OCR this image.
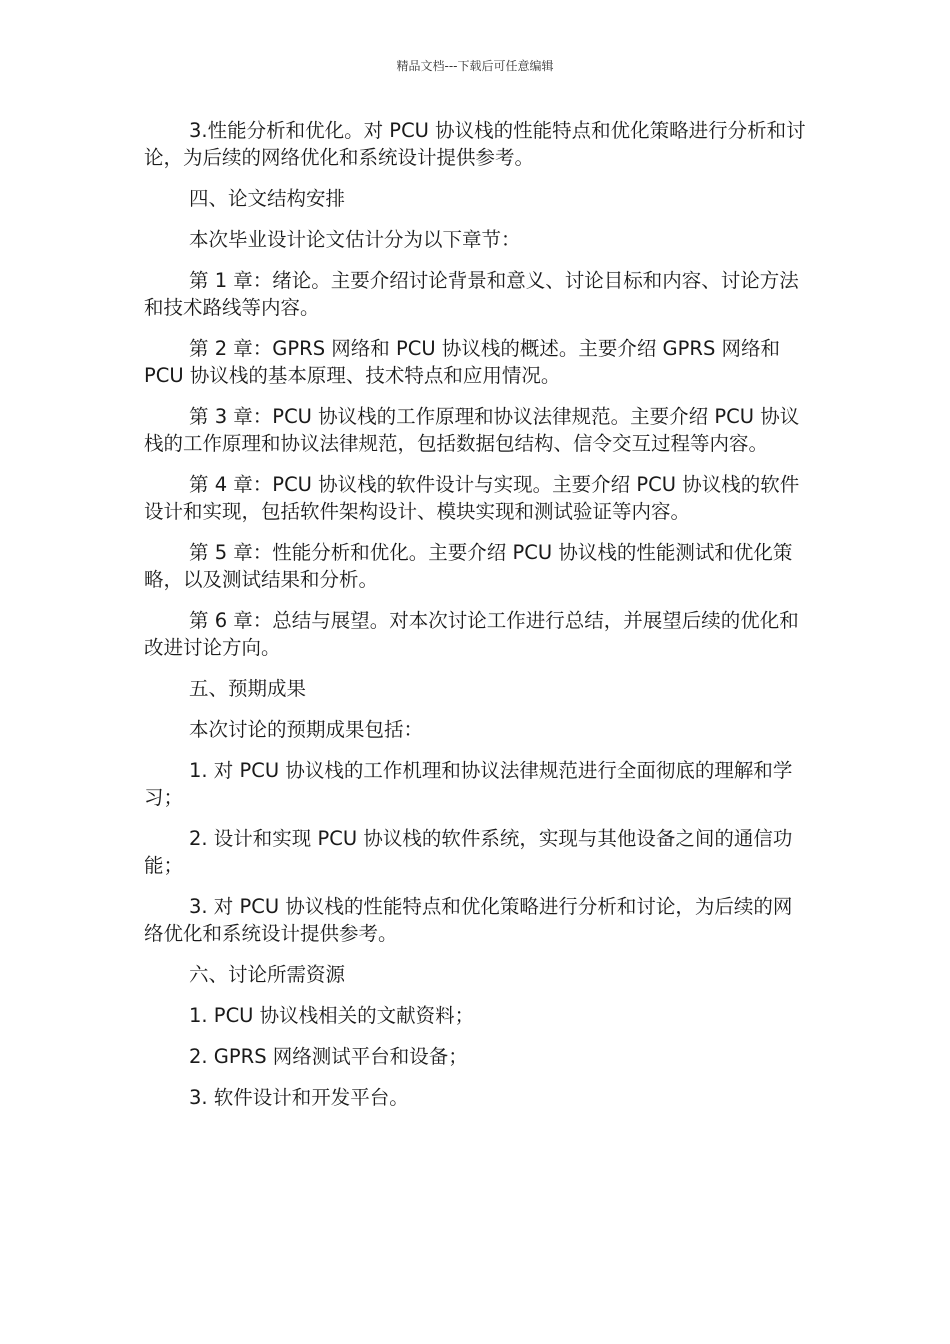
精品文档---下载后可任意编辑

3.性能分析和优化。对 PCU 协议栈的性能特点和优化策略进行分析和讨论，为后续的网络优化和系统设计提供参考。

四、论文结构安排

本次毕业设计论文估计分为以下章节：

第 1 章：绪论。主要介绍讨论背景和意义、讨论目标和内容、讨论方法和技术路线等内容。

第 2 章：GPRS 网络和 PCU 协议栈的概述。主要介绍 GPRS 网络和 PCU 协议栈的基本原理、技术特点和应用情况。

第 3 章：PCU 协议栈的工作原理和协议法律规范。主要介绍 PCU 协议栈的工作原理和协议法律规范，包括数据包结构、信令交互过程等内容。

第 4 章：PCU 协议栈的软件设计与实现。主要介绍 PCU 协议栈的软件设计和实现，包括软件架构设计、模块实现和测试验证等内容。

第 5 章：性能分析和优化。主要介绍 PCU 协议栈的性能测试和优化策略，以及测试结果和分析。

第 6 章：总结与展望。对本次讨论工作进行总结，并展望后续的优化和改进讨论方向。

五、预期成果

本次讨论的预期成果包括：

1. 对 PCU 协议栈的工作机理和协议法律规范进行全面彻底的理解和学习；

2. 设计和实现 PCU 协议栈的软件系统，实现与其他设备之间的通信功能；

3. 对 PCU 协议栈的性能特点和优化策略进行分析和讨论，为后续的网络优化和系统设计提供参考。

六、讨论所需资源

1. PCU 协议栈相关的文献资料；

2. GPRS 网络测试平台和设备；

3. 软件设计和开发平台。
